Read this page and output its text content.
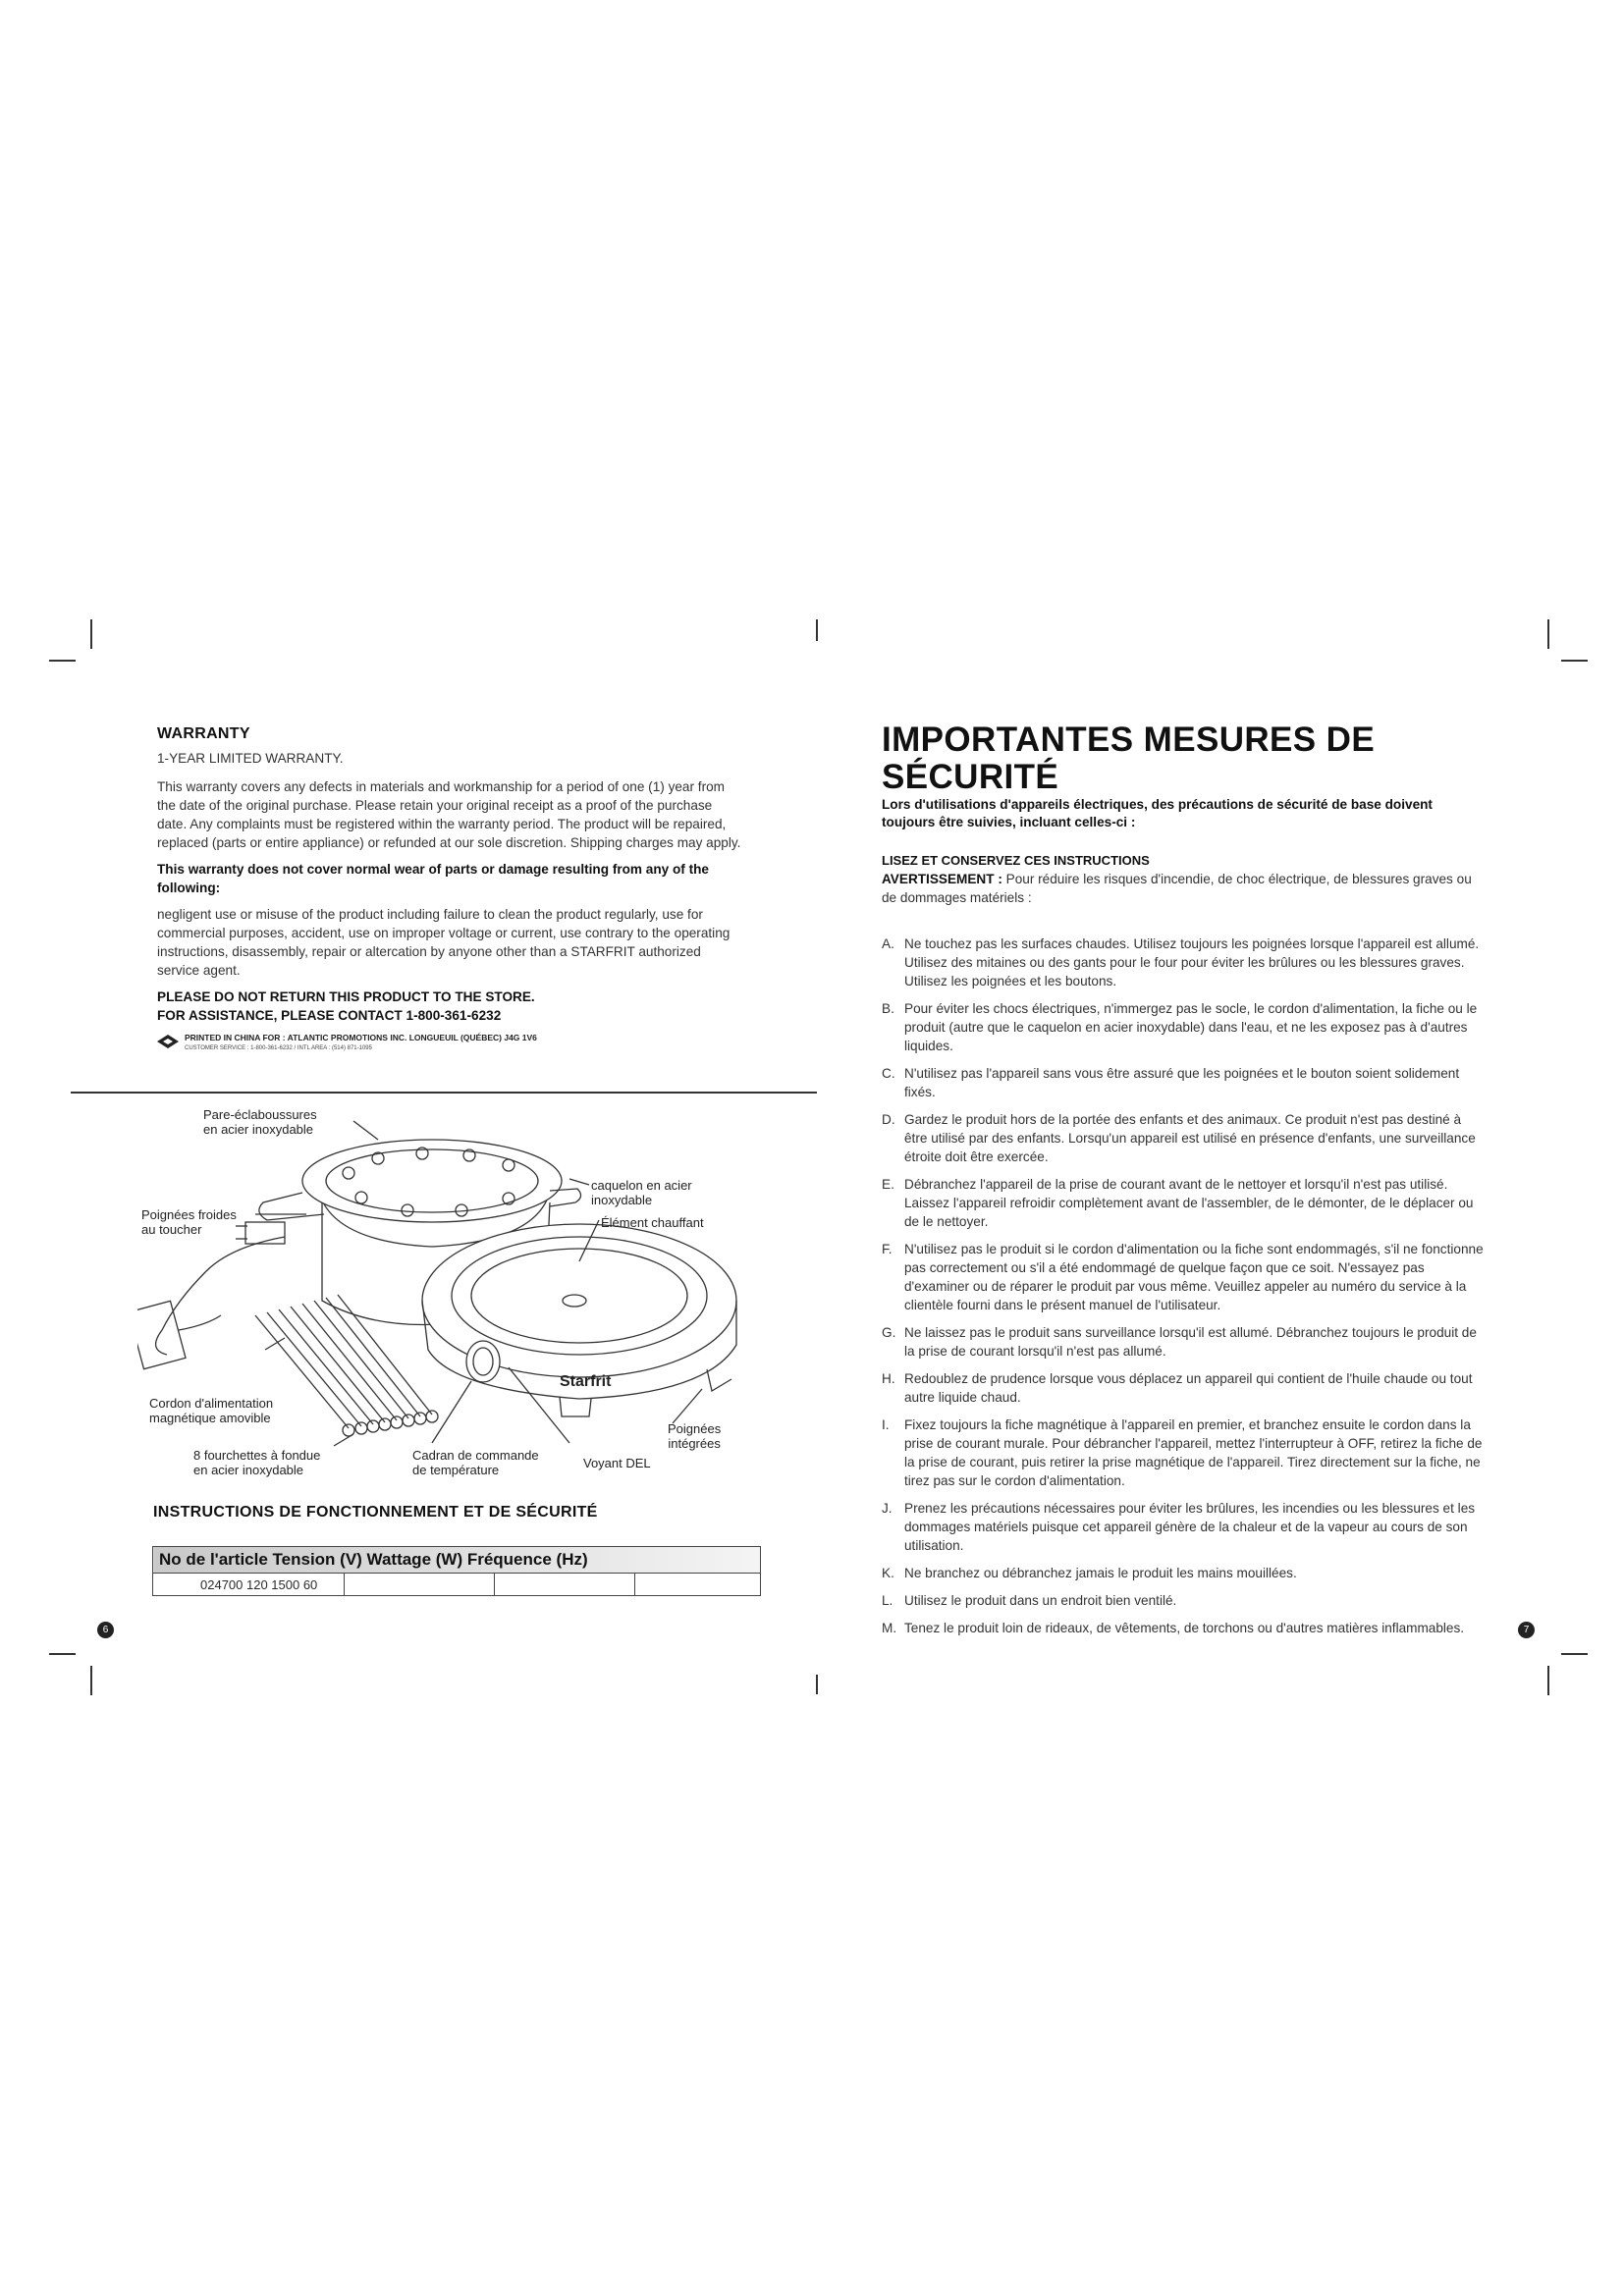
WARRANTY

1-YEAR LIMITED WARRANTY.

This warranty covers any defects in materials and workmanship for a period of one (1) year from the date of the original purchase. Please retain your original receipt as a proof of the purchase date. Any complaints must be registered within the warranty period. The product will be repaired, replaced (parts or entire appliance) or refunded at our sole discretion. Shipping charges may apply.

This warranty does not cover normal wear of parts or damage resulting from any of the following:

negligent use or misuse of the product including failure to clean the product regularly, use for commercial purposes, accident, use on improper voltage or current, use contrary to the operating instructions, disassembly, repair or altercation by anyone other than a STARFRIT authorized service agent.

PLEASE DO NOT RETURN THIS PRODUCT TO THE STORE.
FOR ASSISTANCE, PLEASE CONTACT 1-800-361-6232
PRINTED IN CHINA FOR : ATLANTIC PROMOTIONS INC. LONGUEUIL (QUÉBEC) J4G 1V6
CUSTOMER SERVICE : 1-800-361-6232 / INTL AREA : (514) 871-1095
Starfrit
Pare-éclaboussures
en acier inoxydable
Poignées froides
au toucher
caquelon en acier
inoxydable
Élément chauffant
Cordon d'alimentation
magnétique amovible
8 fourchettes à fondue
en acier inoxydable
Cadran de commande
de température	Voyant DEL
Poignées
intégrées
INSTRUCTIONS DE FONCTIONNEMENT ET DE SÉCURITÉ
No de l'article Tension (V) Wattage (W) Fréquence (Hz)
024700 120 1500 60			
6
IMPORTANTES MESURES DE SÉCURITÉ
Lors d'utilisations d'appareils électriques, des précautions de sécurité de base doivent toujours être suivies, incluant celles-ci :
LISEZ ET CONSERVEZ CES INSTRUCTIONS

AVERTISSEMENT : Pour réduire les risques d'incendie, de choc électrique, de blessures graves ou de dommages matériels :

A. Ne touchez pas les surfaces chaudes. Utilisez toujours les poignées lorsque l'appareil est allumé. Utilisez des mitaines ou des gants pour le four pour éviter les brûlures ou les blessures graves. Utilisez les poignées et les boutons.
B. Pour éviter les chocs électriques, n'immergez pas le socle, le cordon d'alimentation, la fiche ou le produit (autre que le caquelon en acier inoxydable) dans l'eau, et ne les exposez pas à d'autres liquides.
C. N'utilisez pas l'appareil sans vous être assuré que les poignées et le bouton soient solidement fixés.
D. Gardez le produit hors de la portée des enfants et des animaux. Ce produit n'est pas destiné à être utilisé par des enfants. Lorsqu'un appareil est utilisé en présence d'enfants, une surveillance étroite doit être exercée.
E. Débranchez l'appareil de la prise de courant avant de le nettoyer et lorsqu'il n'est pas utilisé. Laissez l'appareil refroidir complètement avant de l'assembler, de le démonter, de le déplacer ou de le nettoyer.
F. N'utilisez pas le produit si le cordon d'alimentation ou la fiche sont endommagés, s'il ne fonctionne pas correctement ou s'il a été endommagé de quelque façon que ce soit. N'essayez pas d'examiner ou de réparer le produit par vous même. Veuillez appeler au numéro du service à la clientèle fourni dans le présent manuel de l'utilisateur.
G. Ne laissez pas le produit sans surveillance lorsqu'il est allumé. Débranchez toujours le produit de la prise de courant lorsqu'il n'est pas allumé.
H. Redoublez de prudence lorsque vous déplacez un appareil qui contient de l'huile chaude ou tout autre liquide chaud.
I. Fixez toujours la fiche magnétique à l'appareil en premier, et branchez ensuite le cordon dans la prise de courant murale. Pour débrancher l'appareil, mettez l'interrupteur à OFF, retirez la fiche de la prise de courant, puis retirer la prise magnétique de l'appareil. Tirez directement sur la fiche, ne tirez pas sur le cordon d'alimentation.
J. Prenez les précautions nécessaires pour éviter les brûlures, les incendies ou les blessures et les dommages matériels puisque cet appareil génère de la chaleur et de la vapeur au cours de son utilisation.
K. Ne branchez ou débranchez jamais le produit les mains mouillées.
L. Utilisez le produit dans un endroit bien ventilé.
M. Tenez le produit loin de rideaux, de vêtements, de torchons ou d'autres matières inflammables.	7
